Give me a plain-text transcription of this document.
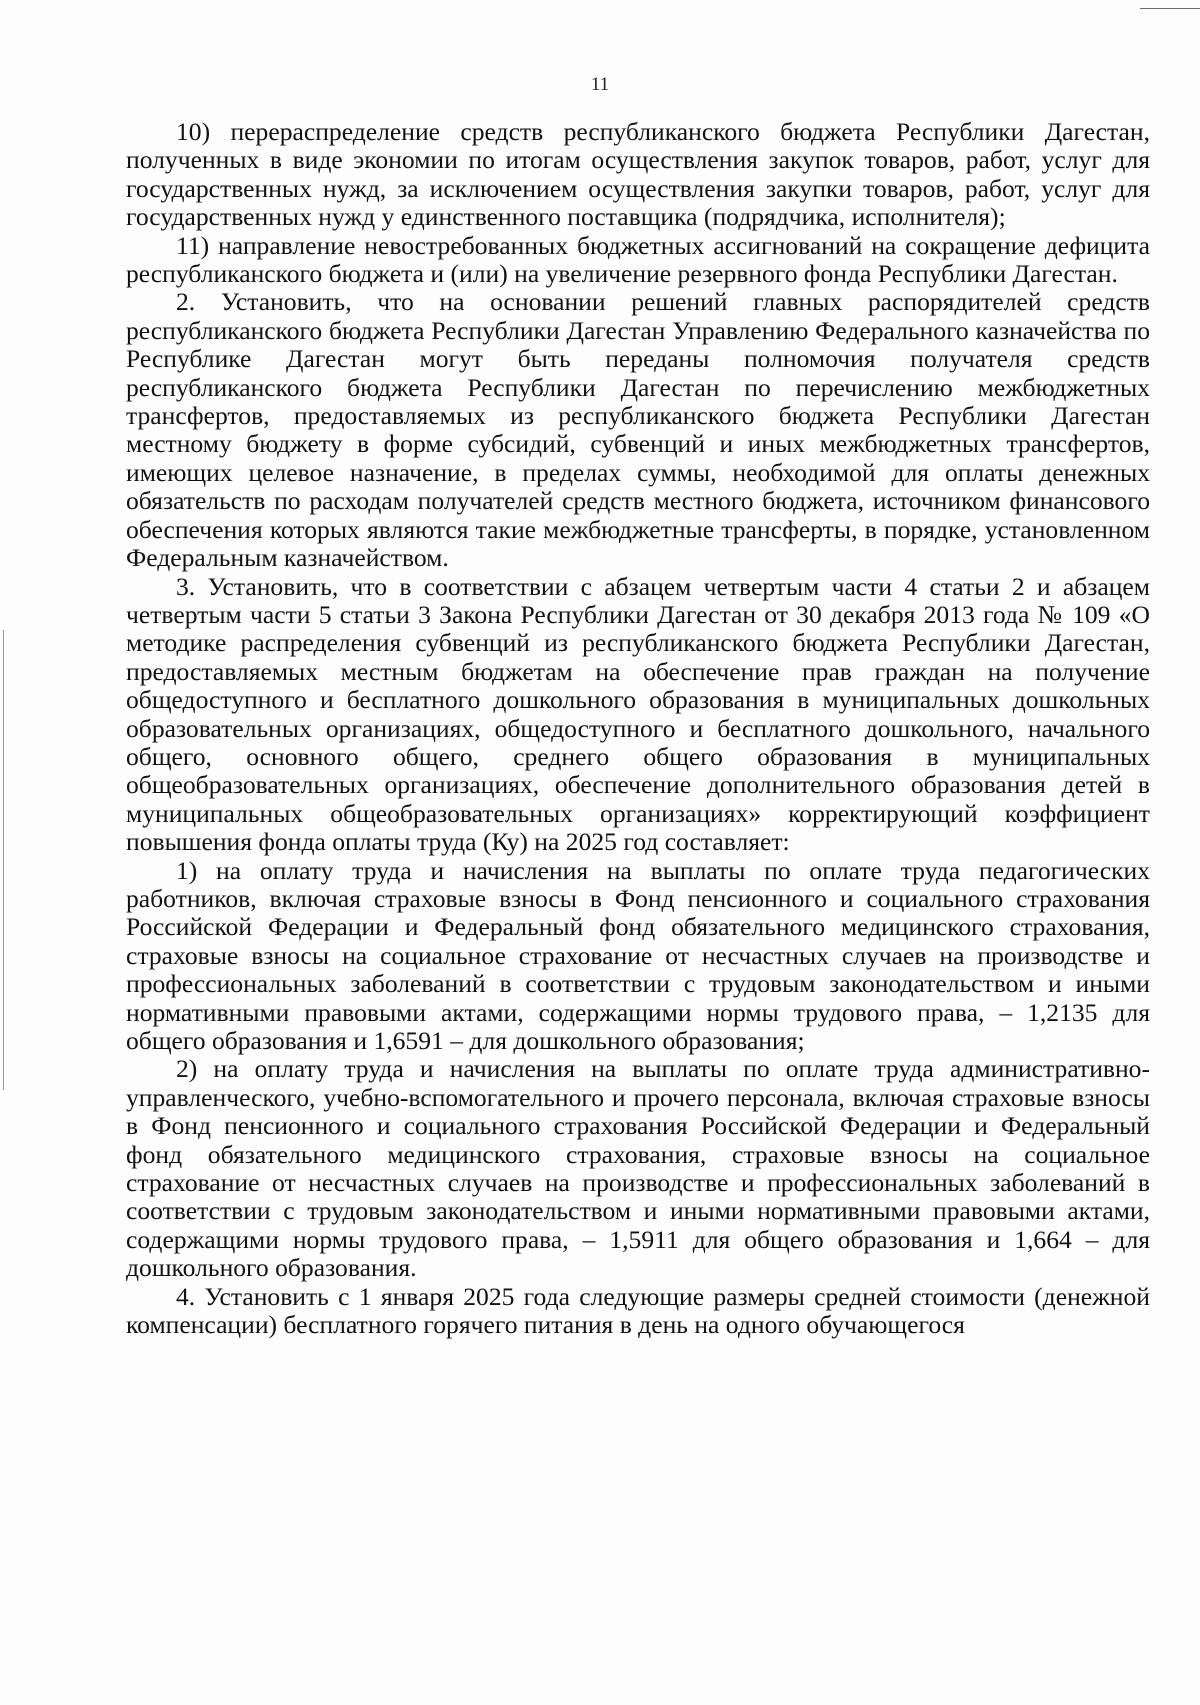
11

10) перераспределение средств республиканского бюджета Республики Дагестан, полученных в виде экономии по итогам осуществления закупок товаров, работ, услуг для государственных нужд, за исключением осуществления закупки товаров, работ, услуг для государственных нужд у единственного поставщика (подрядчика, исполнителя);

11) направление невостребованных бюджетных ассигнований на сокращение дефицита республиканского бюджета и (или) на увеличение резервного фонда Республики Дагестан.

2. Установить, что на основании решений главных распорядителей средств республиканского бюджета Республики Дагестан Управлению Федерального казначейства по Республике Дагестан могут быть переданы полномочия получателя средств республиканского бюджета Республики Дагестан по перечислению межбюджетных трансфертов, предоставляемых из республиканского бюджета Республики Дагестан местному бюджету в форме субсидий, субвенций и иных межбюджетных трансфертов, имеющих целевое назначение, в пределах суммы, необходимой для оплаты денежных обязательств по расходам получателей средств местного бюджета, источником финансового обеспечения которых являются такие межбюджетные трансферты, в порядке, установленном Федеральным казначейством.

3. Установить, что в соответствии с абзацем четвертым части 4 статьи 2 и абзацем четвертым части 5 статьи 3 Закона Республики Дагестан от 30 декабря 2013 года № 109 «О методике распределения субвенций из республиканского бюджета Республики Дагестан, предоставляемых местным бюджетам на обеспечение прав граждан на получение общедоступного и бесплатного дошкольного образования в муниципальных дошкольных образовательных организациях, общедоступного и бесплатного дошкольного, начального общего, основного общего, среднего общего образования в муниципальных общеобразовательных организациях, обеспечение дополнительного образования детей в муниципальных общеобразовательных организациях» корректирующий коэффициент повышения фонда оплаты труда (Ку) на 2025 год составляет:

1) на оплату труда и начисления на выплаты по оплате труда педагогических работников, включая страховые взносы в Фонд пенсионного и социального страхования Российской Федерации и Федеральный фонд обязательного медицинского страхования, страховые взносы на социальное страхование от несчастных случаев на производстве и профессиональных заболеваний в соответствии с трудовым законодательством и иными нормативными правовыми актами, содержащими нормы трудового права, – 1,2135 для общего образования и 1,6591 – для дошкольного образования;

2) на оплату труда и начисления на выплаты по оплате труда административно-управленческого, учебно-вспомогательного и прочего персонала, включая страховые взносы в Фонд пенсионного и социального страхования Российской Федерации и Федеральный фонд обязательного медицинского страхования, страховые взносы на социальное страхование от несчастных случаев на производстве и профессиональных заболеваний в соответствии с трудовым законодательством и иными нормативными правовыми актами, содержащими нормы трудового права, – 1,5911 для общего образования и 1,664 – для дошкольного образования.

4. Установить с 1 января 2025 года следующие размеры средней стоимости (денежной компенсации) бесплатного горячего питания в день на одного обучающегося
